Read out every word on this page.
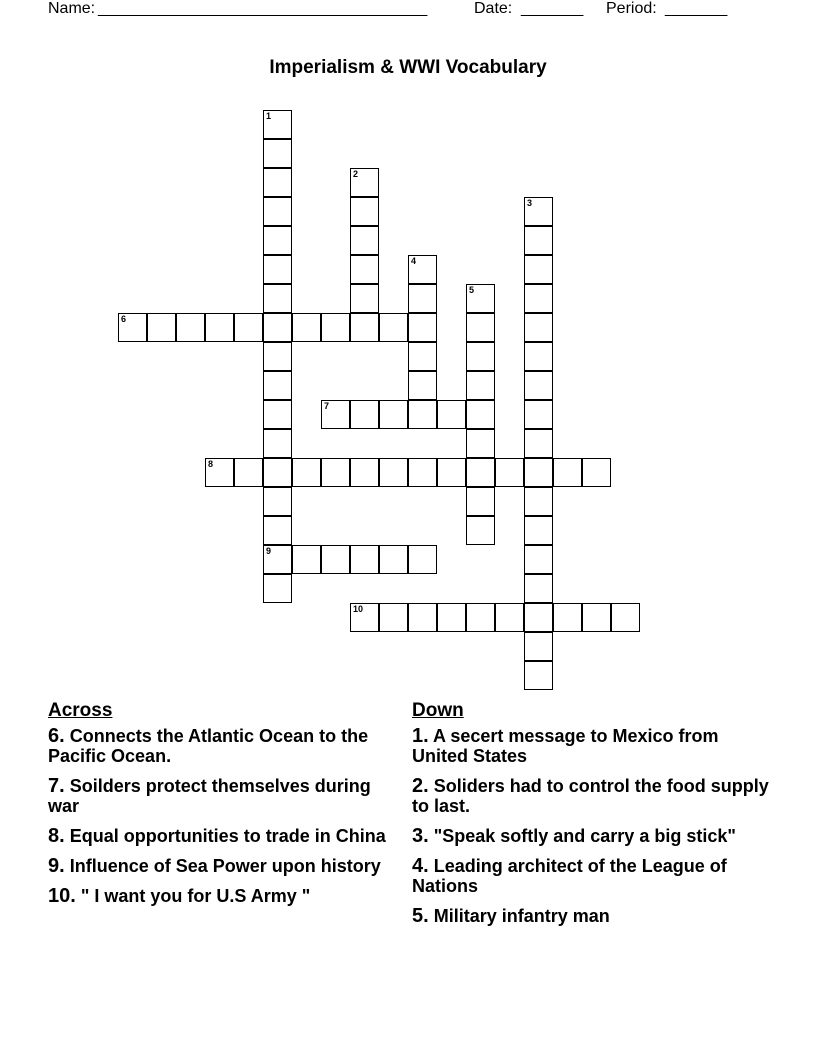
Name: _____________________________________	Date: _______ Period: _______
Imperialism & WWI Vocabulary
1
9
2
3
4
5
6
7
8
10
Across
6. Connects the Atlantic Ocean to the Pacific Ocean.
7. Soilders protect themselves during war
8. Equal opportunities to trade in China
9. Influence of Sea Power upon history
10. " I want you for U.S Army "
Down
1. A secert message to Mexico from United States
2. Soliders had to control the food supply to last.
3. "Speak softly and carry a big stick"
4. Leading architect of the League of Nations
5. Military infantry man
